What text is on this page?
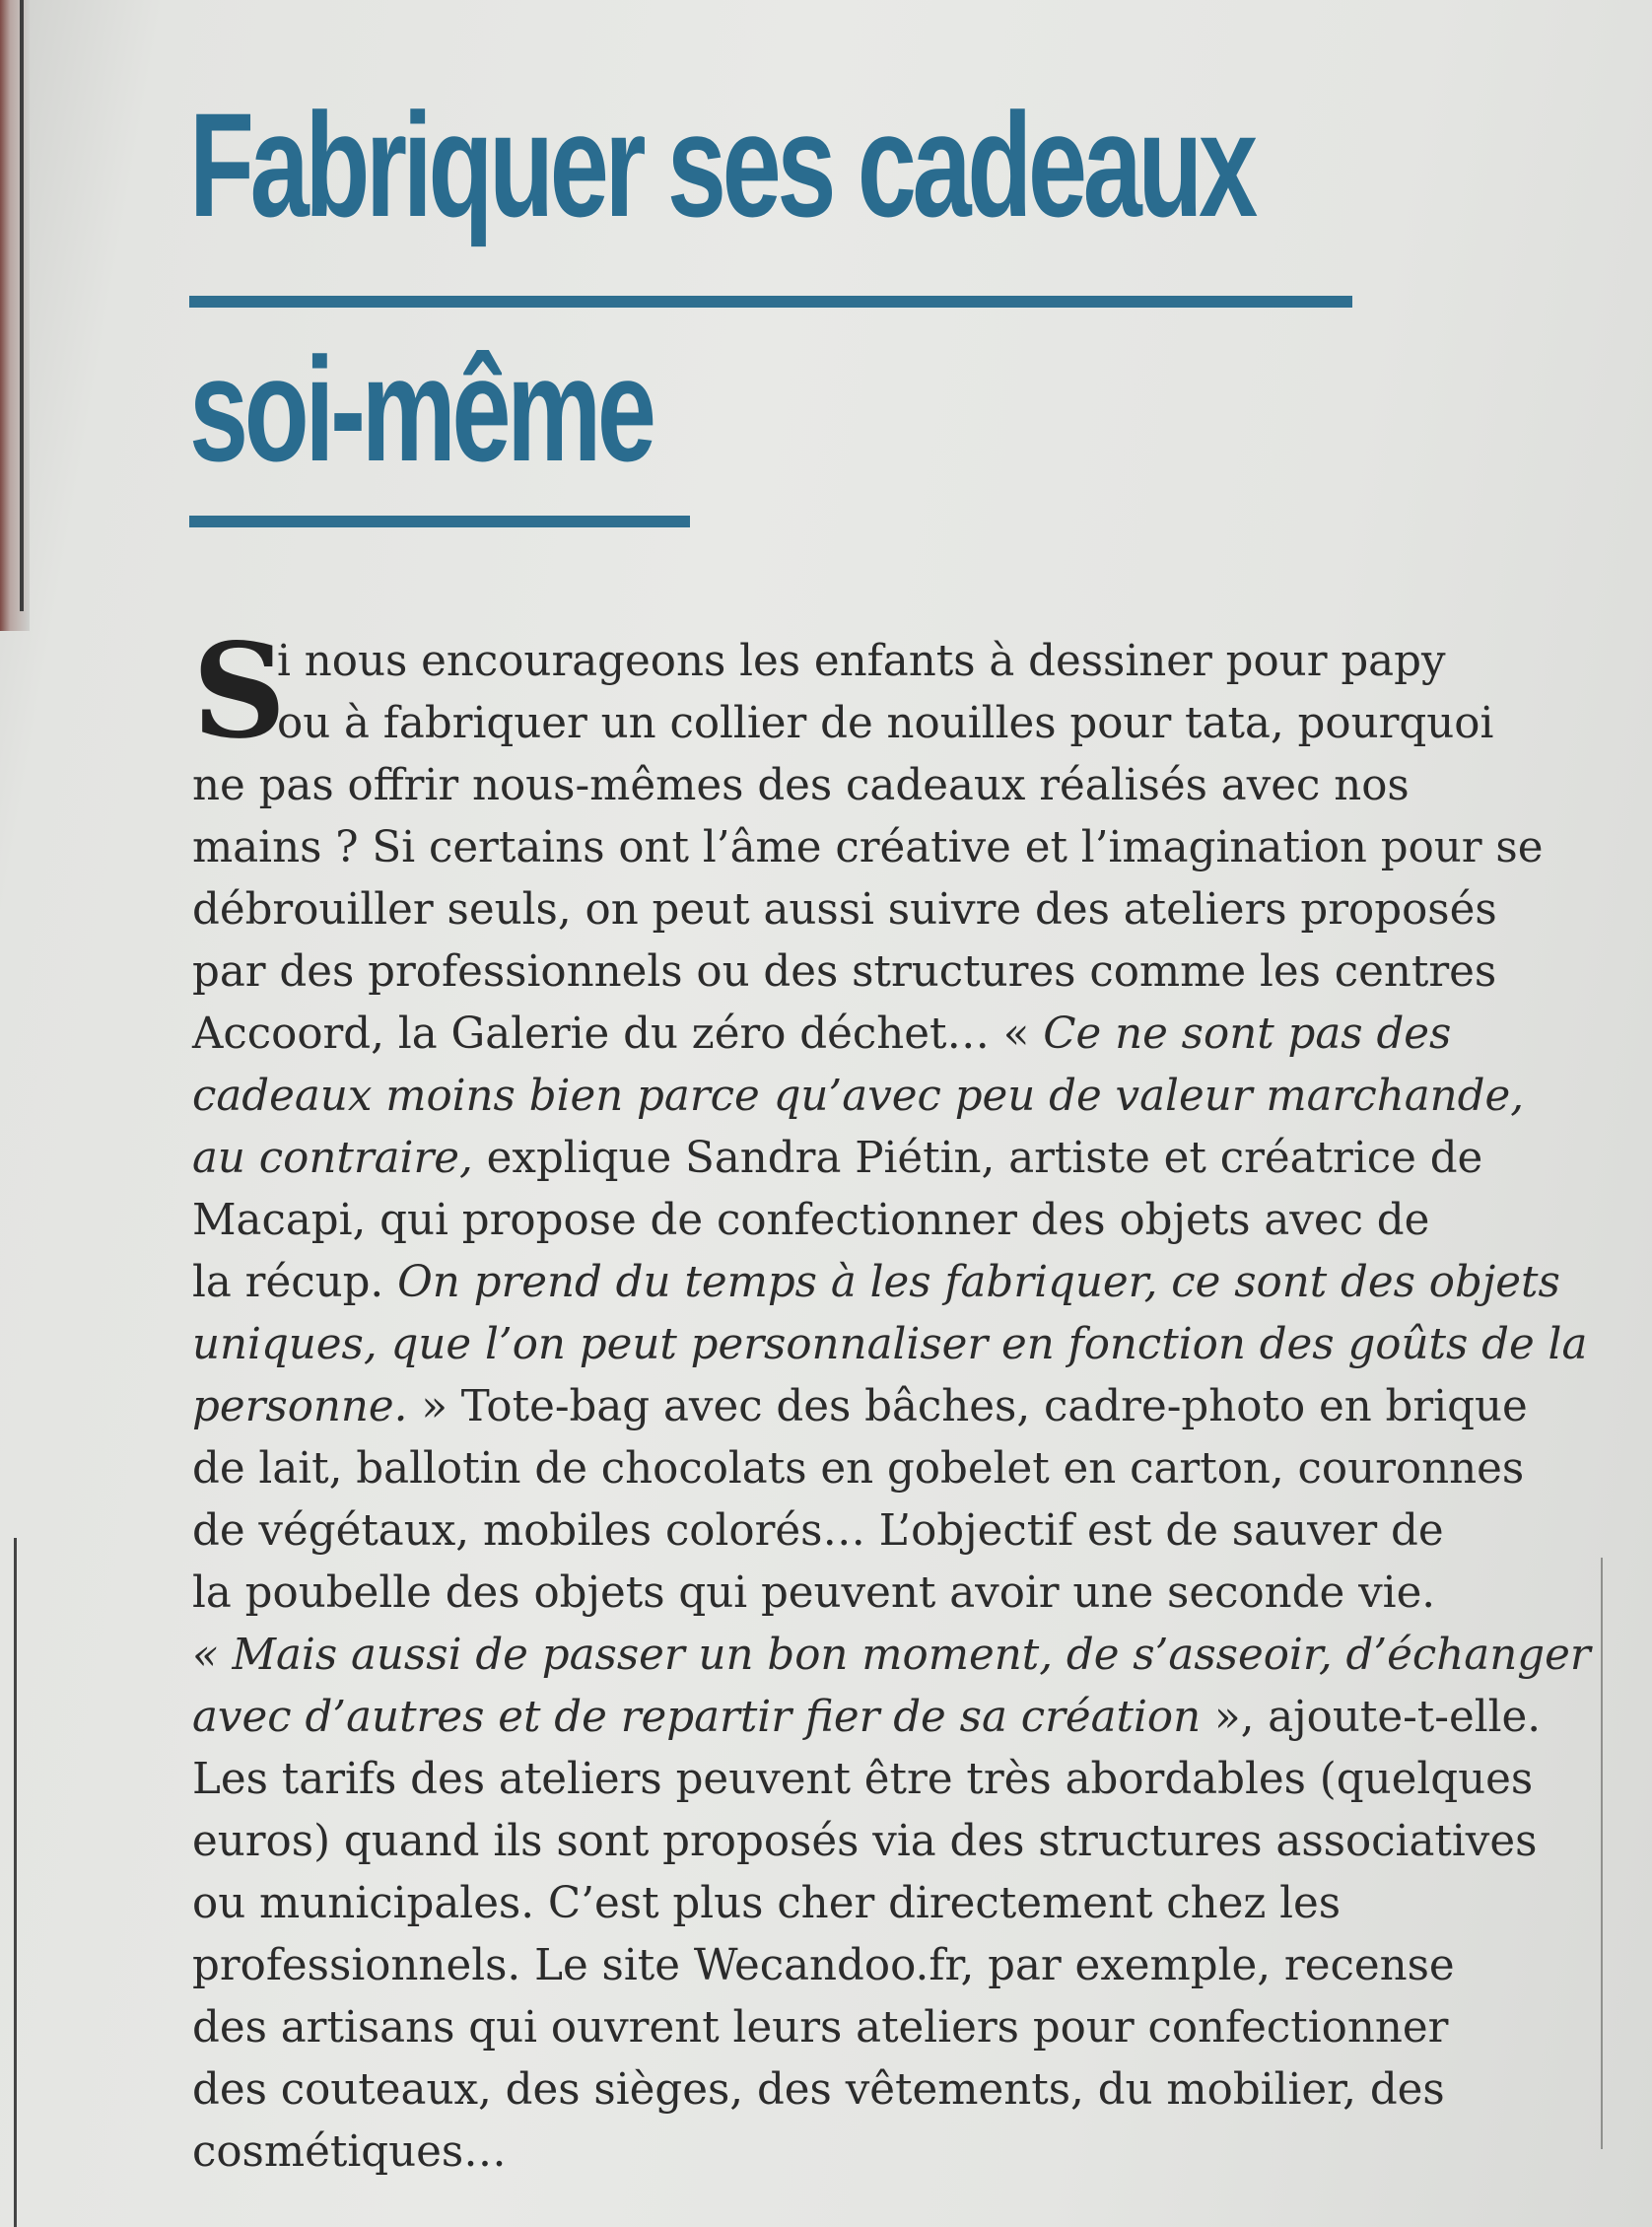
Fabriquer ses cadeaux
soi-même
S
i nous encourageons les enfants à dessiner pour papy
ou à fabriquer un collier de nouilles pour tata, pourquoi
ne pas offrir nous-mêmes des cadeaux réalisés avec nos
mains ? Si certains ont l’âme créative et l’imagination pour se
débrouiller seuls, on peut aussi suivre des ateliers proposés
par des professionnels ou des structures comme les centres
Accoord, la Galerie du zéro déchet… « Ce ne sont pas des
cadeaux moins bien parce qu’avec peu de valeur marchande,
au contraire, explique Sandra Piétin, artiste et créatrice de
Macapi, qui propose de confectionner des objets avec de
la récup. On prend du temps à les fabriquer, ce sont des objets
uniques, que l’on peut personnaliser en fonction des goûts de la
personne. » Tote-bag avec des bâches, cadre-photo en brique
de lait, ballotin de chocolats en gobelet en carton, couronnes
de végétaux, mobiles colorés… L’objectif est de sauver de
la poubelle des objets qui peuvent avoir une seconde vie.
« Mais aussi de passer un bon moment, de s’asseoir, d’échanger
avec d’autres et de repartir fier de sa création », ajoute-t-elle.
Les tarifs des ateliers peuvent être très abordables (quelques
euros) quand ils sont proposés via des structures associatives
ou municipales. C’est plus cher directement chez les
professionnels. Le site Wecandoo.fr, par exemple, recense
des artisans qui ouvrent leurs ateliers pour confectionner
des couteaux, des sièges, des vêtements, du mobilier, des
cosmétiques…
